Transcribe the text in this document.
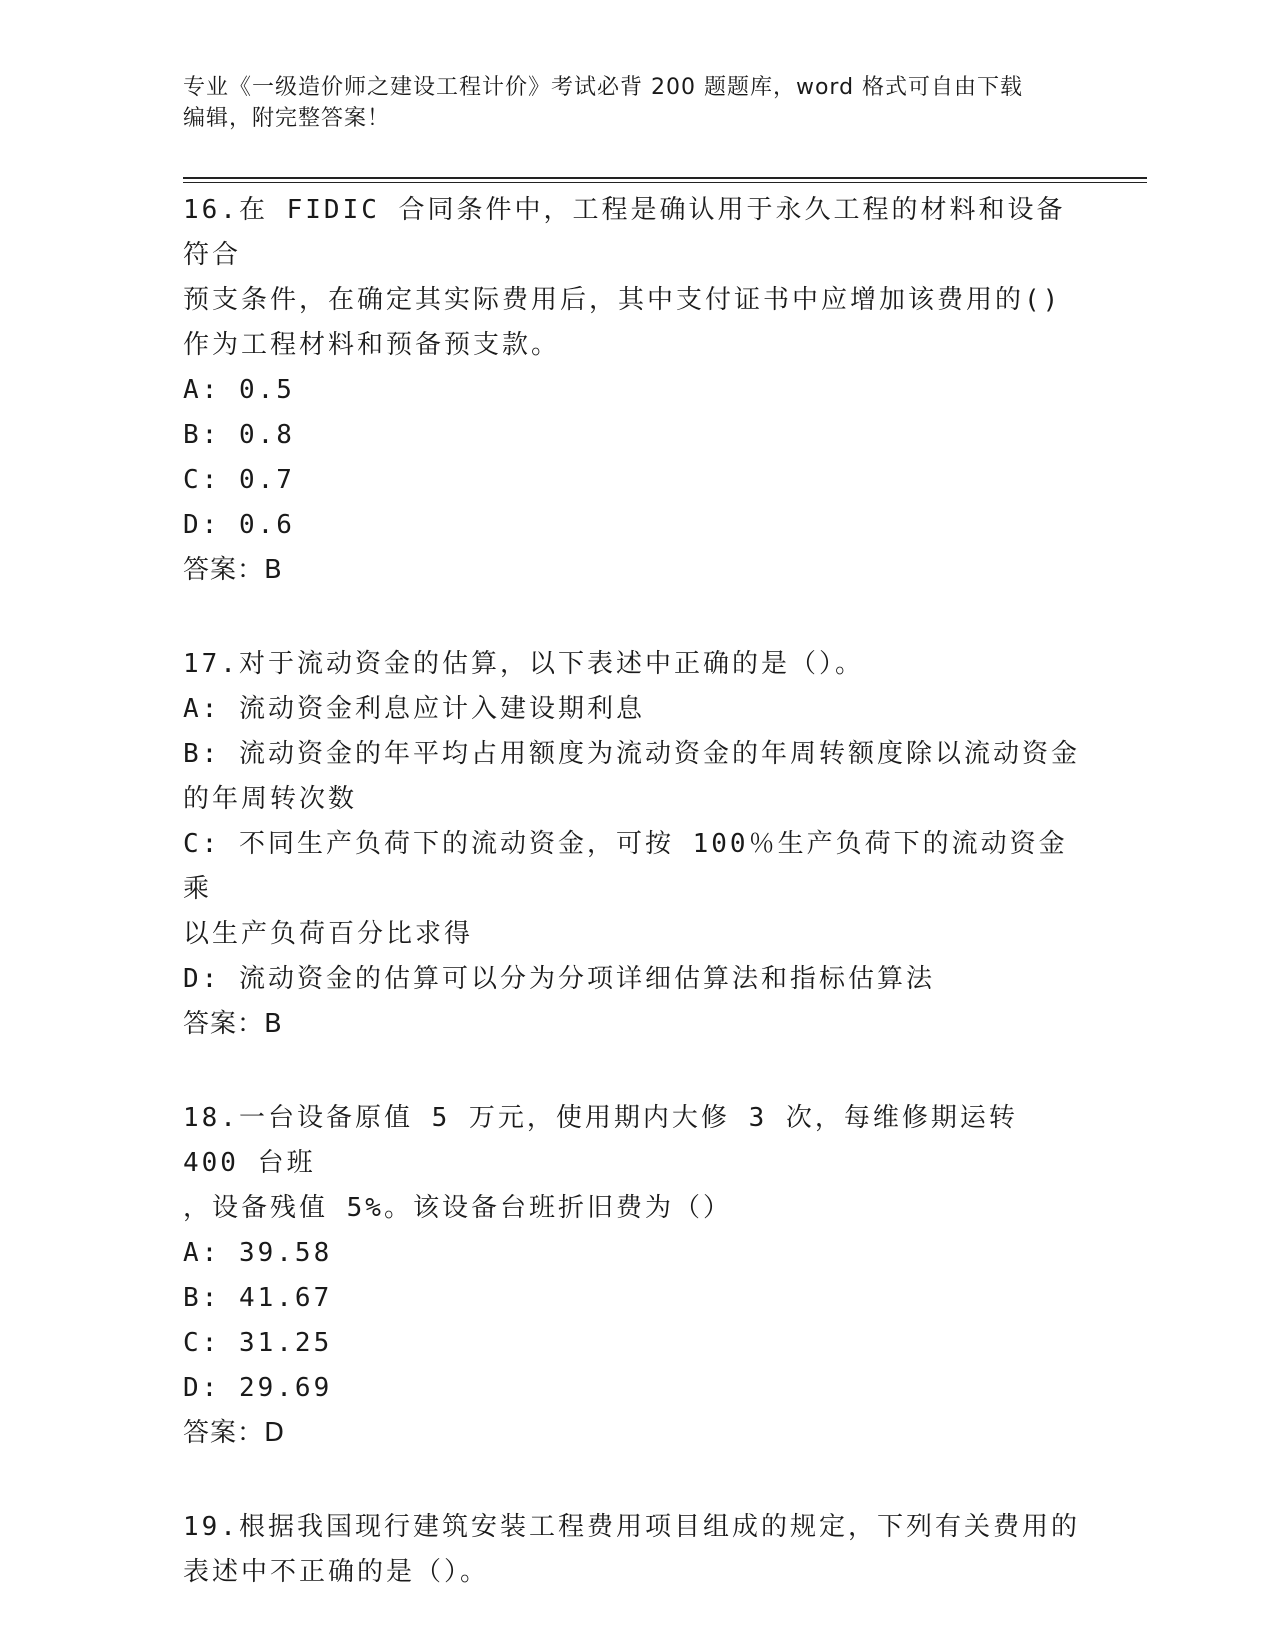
专业《一级造价师之建设工程计价》考试必背 200 题题库，word 格式可自由下载
编辑，附完整答案！
16.在 FIDIC 合同条件中，工程是确认用于永久工程的材料和设备符合
预支条件，在确定其实际费用后，其中支付证书中应增加该费用的()
作为工程材料和预备预支款。
A: 0.5
B: 0.8
C: 0.7
D: 0.6
答案：B
17.对于流动资金的估算，以下表述中正确的是（）。
A: 流动资金利息应计入建设期利息
B: 流动资金的年平均占用额度为流动资金的年周转额度除以流动资金
的年周转次数
C: 不同生产负荷下的流动资金，可按 100％生产负荷下的流动资金乘
以生产负荷百分比求得
D: 流动资金的估算可以分为分项详细估算法和指标估算法
答案：B
18.一台设备原值 5 万元，使用期内大修 3 次，每维修期运转 400 台班
，设备残值 5%。该设备台班折旧费为（）
A: 39.58
B: 41.67
C: 31.25
D: 29.69
答案：D
19.根据我国现行建筑安装工程费用项目组成的规定，下列有关费用的
表述中不正确的是（）。
